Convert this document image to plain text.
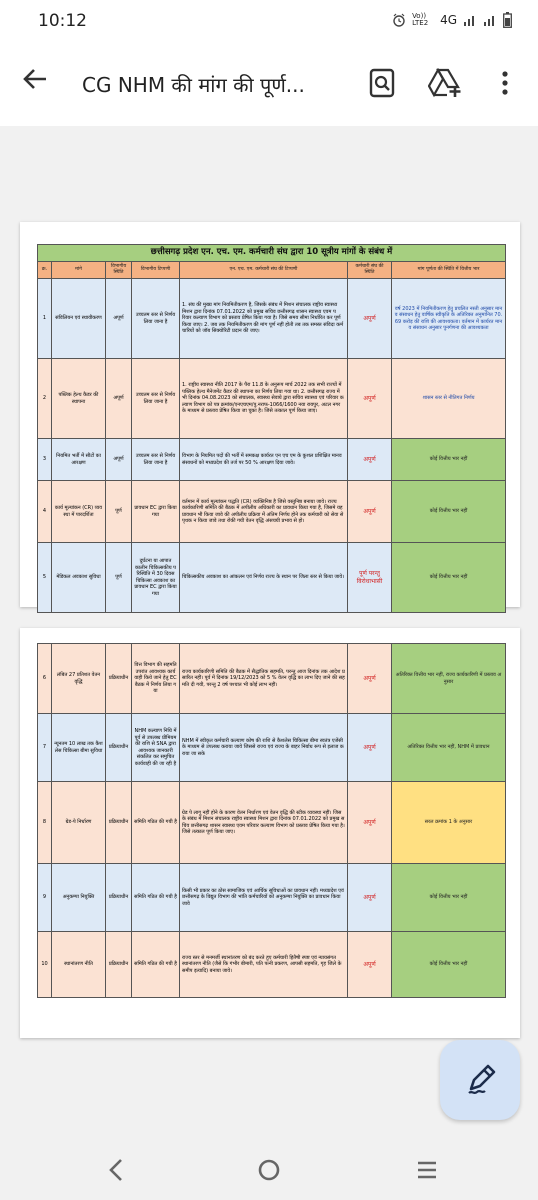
10:12	Vo)) LTE2 4G
CG NHM की मांग की पूर्ण...
छत्तीसगढ़ प्रदेश एन. एच. एम. कर्मचारी संघ द्वारा 10 सूत्रीय मांगों के संबंध में						
क्र.	मांगे	विभागीय स्थिति	विभागीय टिप्पणी	एन. एच. एम. कर्मचारी संघ की टिप्पणी	कर्मचारी संघ की स्थिति	मांग पूर्णता की स्थिति में वित्तीय भार
1	संविलियन एवं स्थायीकरण	अपूर्ण	उच्चतम स्तर से निर्णय लिया जाना है	1. संघ की मुख्य मांग नियमितीकरण है, जिसके संबंध में मिशन संचालक राष्ट्रीय स्वास्थ्य मिशन द्वारा दिनांक 07.01.2022 को प्रमुख सचिव छत्तीसगढ़ शासन स्वास्थ्य एवम परिवार कल्याण विभाग को प्रस्ताव प्रेषित किया गया है। जिसे समय सीमा निर्धारित कर पूर्ण किया जाए। 2. जब तक नियमितीकरण की मांग पूर्ण नहीं होती तब तक समस्त संविदा कर्मचारियों को जॉब सिक्योरिटी प्रदान की जाए।	अपूर्ण	वर्ष 2023 में नियमितीकरण हेतु प्रचलित नस्ती अनुसार मानव संसाधन हेतु वार्षिक स्वीकृति के अतिरिक्त अनुमानित 70.69 करोड़ की राशि की आवश्यकता। वर्तमान में कार्यरत मानव संसाधन अनुसार पुनर्गणना की आवश्यकता
2	पब्लिक हेल्थ कैडर की स्थापना	अपूर्ण	उच्चतम स्तर से निर्णय लिया जाना है	1. राष्ट्रीय स्वास्थ्य नीति 2017 के पैरा 11.8 के अनुरूप मार्च 2022 तक सभी राज्यों में पब्लिक हेल्थ मैनेजमेंट कैडर की स्थापना का निर्णय लिया गया था। 2. छत्तीसगढ़ राज्य में भी दिनांक 04.08.2023 को संचालक, स्वास्थ्य सेवाये द्वारा सचिव स्वास्थ्य एवं परिवार कल्याण विभाग को पत्र क्रमांक/एनएचएम/पु.नराफ-1066/1600 नया रायपुर, अटल नगर के माध्यम से प्रस्ताव प्रेषित किया जा चुका है। जिसे तत्काल पूर्ण किया जाए।	अपूर्ण	शासन स्तर से नीतिगत निर्णय
3	नियमित भर्ती में सीटों का आरक्षण	अपूर्ण	उच्चतम स्तर से निर्णय लिया जाना है	विभाग के नियमित पदों की भर्ती में समकक्ष कार्यरत एन एच एम के कुशल प्रशिक्षित मानव संसाधनों को मध्यप्रदेश की तर्ज पर 50 % आरक्षण दिया जावे।	अपूर्ण	कोई वित्तीय भार नहीं
4	कार्य मूल्यांकन (CR) व्यवस्था में पारदर्शिता	पूर्ण	प्रावधान EC द्वारा किया गया	वर्तमान में कार्य मूल्यांकन पद्धति (CR) व्यक्तिनिष्ठ है जिसे वस्तुनिष्ठ बनाया जावे। राज्य कार्यकारिणी समिति की बैठक में अपीलीय अधिकारी का प्रावधान किया गया है, जिसमे यह प्रावधान भी किया जावे की अपीलीय प्रक्रिया में अंतिम निर्णय होने तक कर्मचारी को सेवा से पृथक न किया जावे तथा रोकी गयी वेतन वृद्धि अंसचयी प्रभाव से हो।	अपूर्ण	कोई वित्तीय भार नहीं
5	मेडिकल अवकाश सुविधा	पूर्ण	दुर्घटना या आपातकालीन चिकित्सकीय परिस्थिति में 30 दिवस चिकित्सा अवकाश का प्रावधान EC द्वारा किया गया	चिकित्सकीय अवकाश का आंकलन एवं निर्णय राज्य के स्थान पर जिला स्तर से किया जावे।	पूर्ण परन्तु विरोधाभासी	कोई वित्तीय भार नहीं
6	लंबित 27 प्रतिशत वेतन वृद्धि	प्रक्रियाधीन	वित्त विभाग की सहमति उपरांत आवश्यक कार्यवाही किये जाने हेतु EC बैठक में निर्णय लिया गया	राज्य कार्यकारिणी समिति की बैठक में सैद्धांतिक सहमति, परन्तु आज दिनांक तक आदेश प्रसारित नहीं। पूर्व में दिनांक 19/12/2023 को 5 % वेतन वृद्धि का लाभ दिए जाने की सहमति दी गयी, परन्तु 2 वर्ष पश्चात भी कोई लाभ नहीं।	अपूर्ण	अतिरिक्त वित्तीय भार नहीं, राज्य कार्यकारिणी में प्रस्ताव अनुसार
7	न्यूनतम 10 लाख तक कैशलेस चिकित्सा बीमा सुविधा	प्रक्रियाधीन	NHM कल्याण निधि में पूर्व से उपलब्ध प्रीमियम की राशि से SNA द्वारा आवश्यक जानकारी संकलित कर समुचित कार्यवाही की जा रही है	NHM में स्वीकृत कर्मचारी कल्याण कोष की राशि से कैशलेस चिकित्सा बीमा स्वतंत्र एजेंसी के माध्यम से उपलब्ध कराया जावे जिससे राज्य एवं राज्य के बाहर निर्बाध रूप से इलाज कराया जा सके	अपूर्ण	अतिरिक्त वित्तीय भार नहीं, NHM में प्रावधान
8	ग्रेड-पे निर्धारण	प्रक्रियाधीन	समिति गठित की गयी है	ग्रेड पे लागू नहीं होने के कारण वेतन निर्धारण एवं वेतन वृद्धि की स्टीक व्यवस्था नहीं। जिसके संबंध में मिशन संचालक राष्ट्रीय स्वास्थ्य मिशन द्वारा दिनांक 07.01.2022 को प्रमुख सचिव छत्तीसगढ़ शासन स्वास्थ्य एवम परिवार कल्याण विभाग को प्रस्ताव प्रेषित किया गया है। जिसे तत्काल पूर्ण किया जाए।	अपूर्ण	सरल क्रमांक 1 के अनुसार
9	अनुकम्पा नियुक्ति	प्रक्रियाधीन	समिति गठित की गयी है	किसी भी प्रकार का ठोस सामाजिक एवं आर्थिक सुविधाओं का प्रावधान नहीं। मध्यप्रदेश एवं छत्तीसगढ़ के विद्युत विभाग की भांति कर्मचारियों को अनुकम्पा नियुक्ति का प्रावधान किया जावे	अपूर्ण	कोई वित्तीय भार नहीं
10	स्थानांतरण नीति	प्रक्रियाधीन	समिति गठित की गयी है	राज्य स्तर से मनमर्जी स्थानांतरण को बंद करते हुए कर्मचारी हितैषी स्पष्ट एवं न्यायसंगत स्थानांतरण नीति (जैसे कि गंभीर बीमारी, पति पत्नी प्रकरण, आपसी सहमति, गृह जिले के समीप इत्यादि) बनाया जावे।	अपूर्ण	कोई वित्तीय भार नहीं
